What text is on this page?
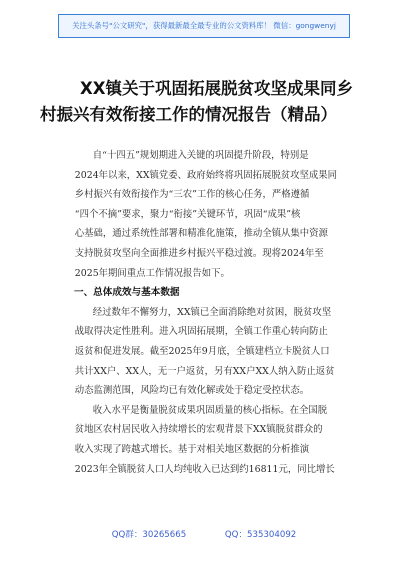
关注头条号"公文研究"，获得最新最全最专业的公文资料库！ 微信：gongwenyj
XX镇关于巩固拓展脱贫攻坚成果同乡
村振兴有效衔接工作的情况报告（精品）
自“十四五”规划期进入关键的巩固提升阶段，特别是
2024年以来，XX镇党委、政府始终将巩固拓展脱贫攻坚成果同
乡村振兴有效衔接作为“三农”工作的核心任务，严格遵循
“四个不摘”要求，聚力“衔接”关键环节，巩固“成果”核
心基础，通过系统性部署和精准化施策，推动全镇从集中资源
支持脱贫攻坚向全面推进乡村振兴平稳过渡。现将2024年至
2025年期间重点工作情况报告如下。
一、总体成效与基本数据
经过数年不懈努力，XX镇已全面消除绝对贫困，脱贫攻坚
战取得决定性胜利。进入巩固拓展期，全镇工作重心转向防止
返贫和促进发展。截至2025年9月底，全镇建档立卡脱贫人口
共计XX户、XX人，无一户返贫，另有XX户XX人纳入防止返贫
动态监测范围，风险均已有效化解或处于稳定受控状态。
收入水平是衡量脱贫成果巩固质量的核心指标。在全国脱
贫地区农村居民收入持续增长的宏观背景下XX镇脱贫群众的
收入实现了跨越式增长。基于对相关地区数据的分析推演
2023年全镇脱贫人口人均纯收入已达到约16811元，同比增长
QQ群：30265665	QQ：535304092
